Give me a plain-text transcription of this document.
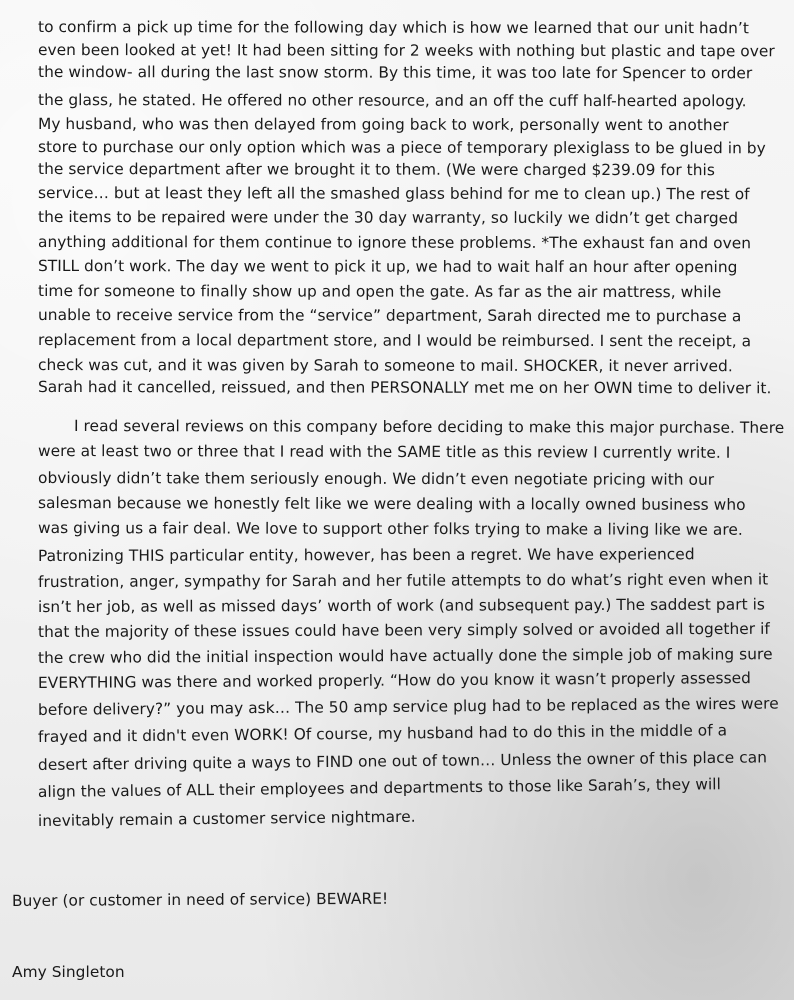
to confirm a pick up time for the following day which is how we learned that our unit hadn’t
even been looked at yet! It had been sitting for 2 weeks with nothing but plastic and tape over
the window- all during the last snow storm. By this time, it was too late for Spencer to order
the glass, he stated. He offered no other resource, and an off the cuff half-hearted apology.
My husband, who was then delayed from going back to work, personally went to another
store to purchase our only option which was a piece of temporary plexiglass to be glued in by
the service department after we brought it to them. (We were charged $239.09 for this
service… but at least they left all the smashed glass behind for me to clean up.) The rest of
the items to be repaired were under the 30 day warranty, so luckily we didn’t get charged
anything additional for them continue to ignore these problems. *The exhaust fan and oven
STILL don’t work. The day we went to pick it up, we had to wait half an hour after opening
time for someone to finally show up and open the gate. As far as the air mattress, while
unable to receive service from the “service” department, Sarah directed me to purchase a
replacement from a local department store, and I would be reimbursed. I sent the receipt, a
check was cut, and it was given by Sarah to someone to mail. SHOCKER, it never arrived.
Sarah had it cancelled, reissued, and then PERSONALLY met me on her OWN time to deliver it.
I read several reviews on this company before deciding to make this major purchase. There
were at least two or three that I read with the SAME title as this review I currently write. I
obviously didn’t take them seriously enough. We didn’t even negotiate pricing with our
salesman because we honestly felt like we were dealing with a locally owned business who
was giving us a fair deal. We love to support other folks trying to make a living like we are.
Patronizing THIS particular entity, however, has been a regret. We have experienced
frustration, anger, sympathy for Sarah and her futile attempts to do what’s right even when it
isn’t her job, as well as missed days’ worth of work (and subsequent pay.) The saddest part is
that the majority of these issues could have been very simply solved or avoided all together if
the crew who did the initial inspection would have actually done the simple job of making sure
EVERYTHING was there and worked properly. “How do you know it wasn’t properly assessed
before delivery?” you may ask… The 50 amp service plug had to be replaced as the wires were
frayed and it didn't even WORK! Of course, my husband had to do this in the middle of a
desert after driving quite a ways to FIND one out of town… Unless the owner of this place can
align the values of ALL their employees and departments to those like Sarah’s, they will
inevitably remain a customer service nightmare.
Buyer (or customer in need of service) BEWARE!
Amy Singleton
